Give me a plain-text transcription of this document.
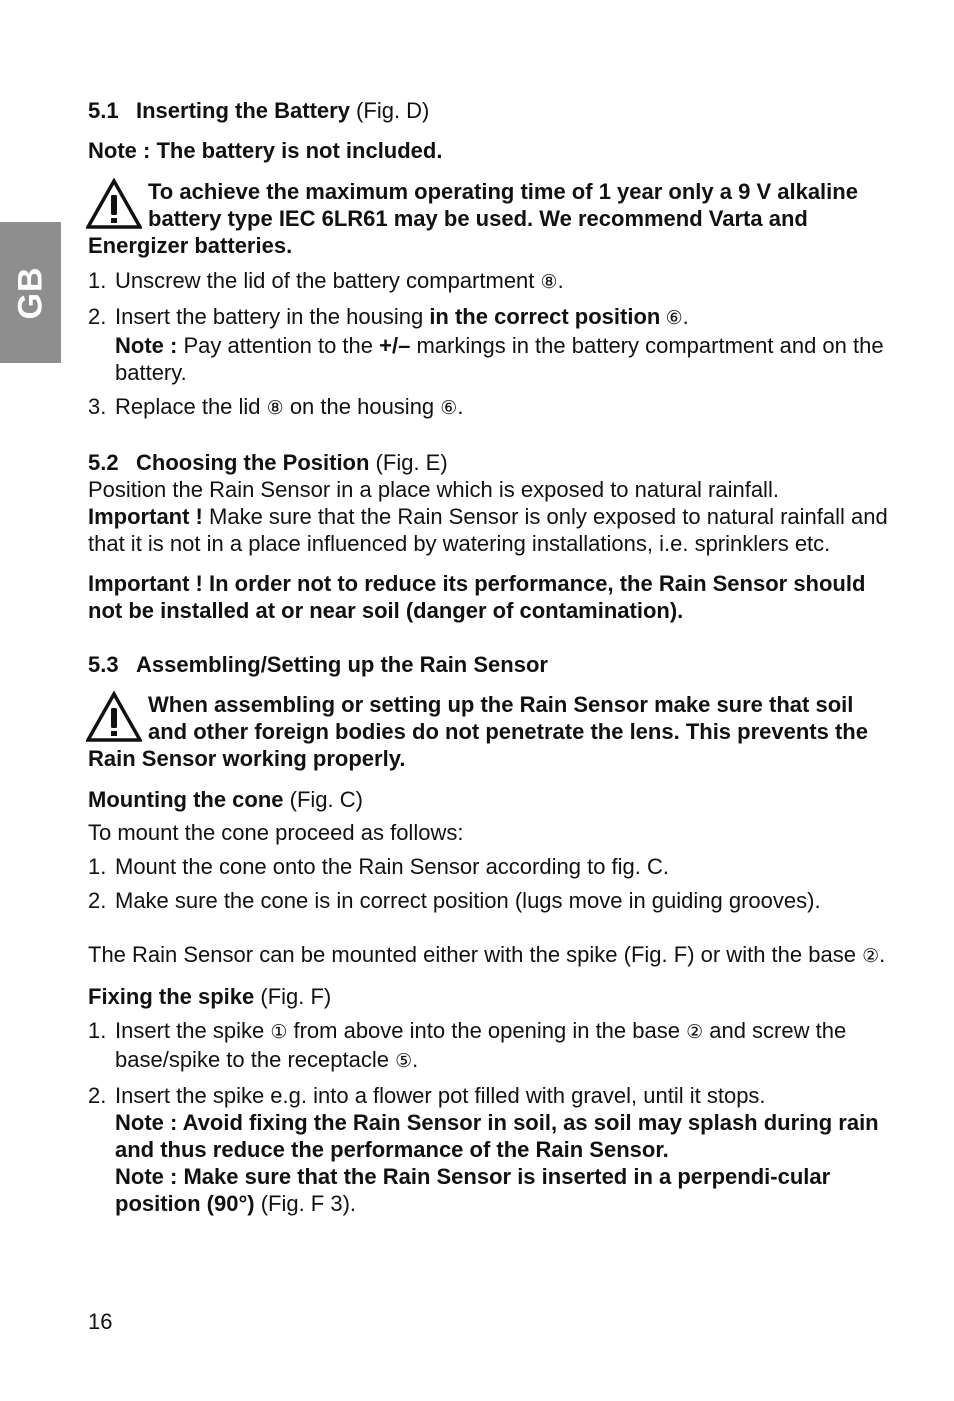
GB

5.1 Inserting the Battery (Fig. D)

Note : The battery is not included.

To achieve the maximum operating time of 1 year only a 9 V alkaline battery type IEC 6LR61 may be used. We recommend Varta and Energizer batteries.

1. Unscrew the lid of the battery compartment ⑧.
2. Insert the battery in the housing in the correct position ⑥.
Note : Pay attention to the +/– markings in the battery compartment and on the battery.
3. Replace the lid ⑧ on the housing ⑥.

5.2 Choosing the Position (Fig. E)

Position the Rain Sensor in a place which is exposed to natural rainfall.

Important ! Make sure that the Rain Sensor is only exposed to natural rainfall and that it is not in a place influenced by watering installations, i.e. sprinklers etc.

Important ! In order not to reduce its performance, the Rain Sensor should not be installed at or near soil (danger of contamination).

5.3 Assembling/Setting up the Rain Sensor

When assembling or setting up the Rain Sensor make sure that soil and other foreign bodies do not penetrate the lens. This prevents the Rain Sensor working properly.

Mounting the cone (Fig. C)

To mount the cone proceed as follows:

1. Mount the cone onto the Rain Sensor according to fig. C.
2. Make sure the cone is in correct position (lugs move in guiding grooves).

The Rain Sensor can be mounted either with the spike (Fig. F) or with the base ②.

Fixing the spike (Fig. F)

1. Insert the spike ① from above into the opening in the base ② and screw the base/spike to the receptacle ⑤.
2. Insert the spike e.g. into a flower pot filled with gravel, until it stops.
Note : Avoid fixing the Rain Sensor in soil, as soil may splash during rain and thus reduce the performance of the Rain Sensor.
Note : Make sure that the Rain Sensor is inserted in a perpendi-cular position (90°) (Fig. F 3).
16
